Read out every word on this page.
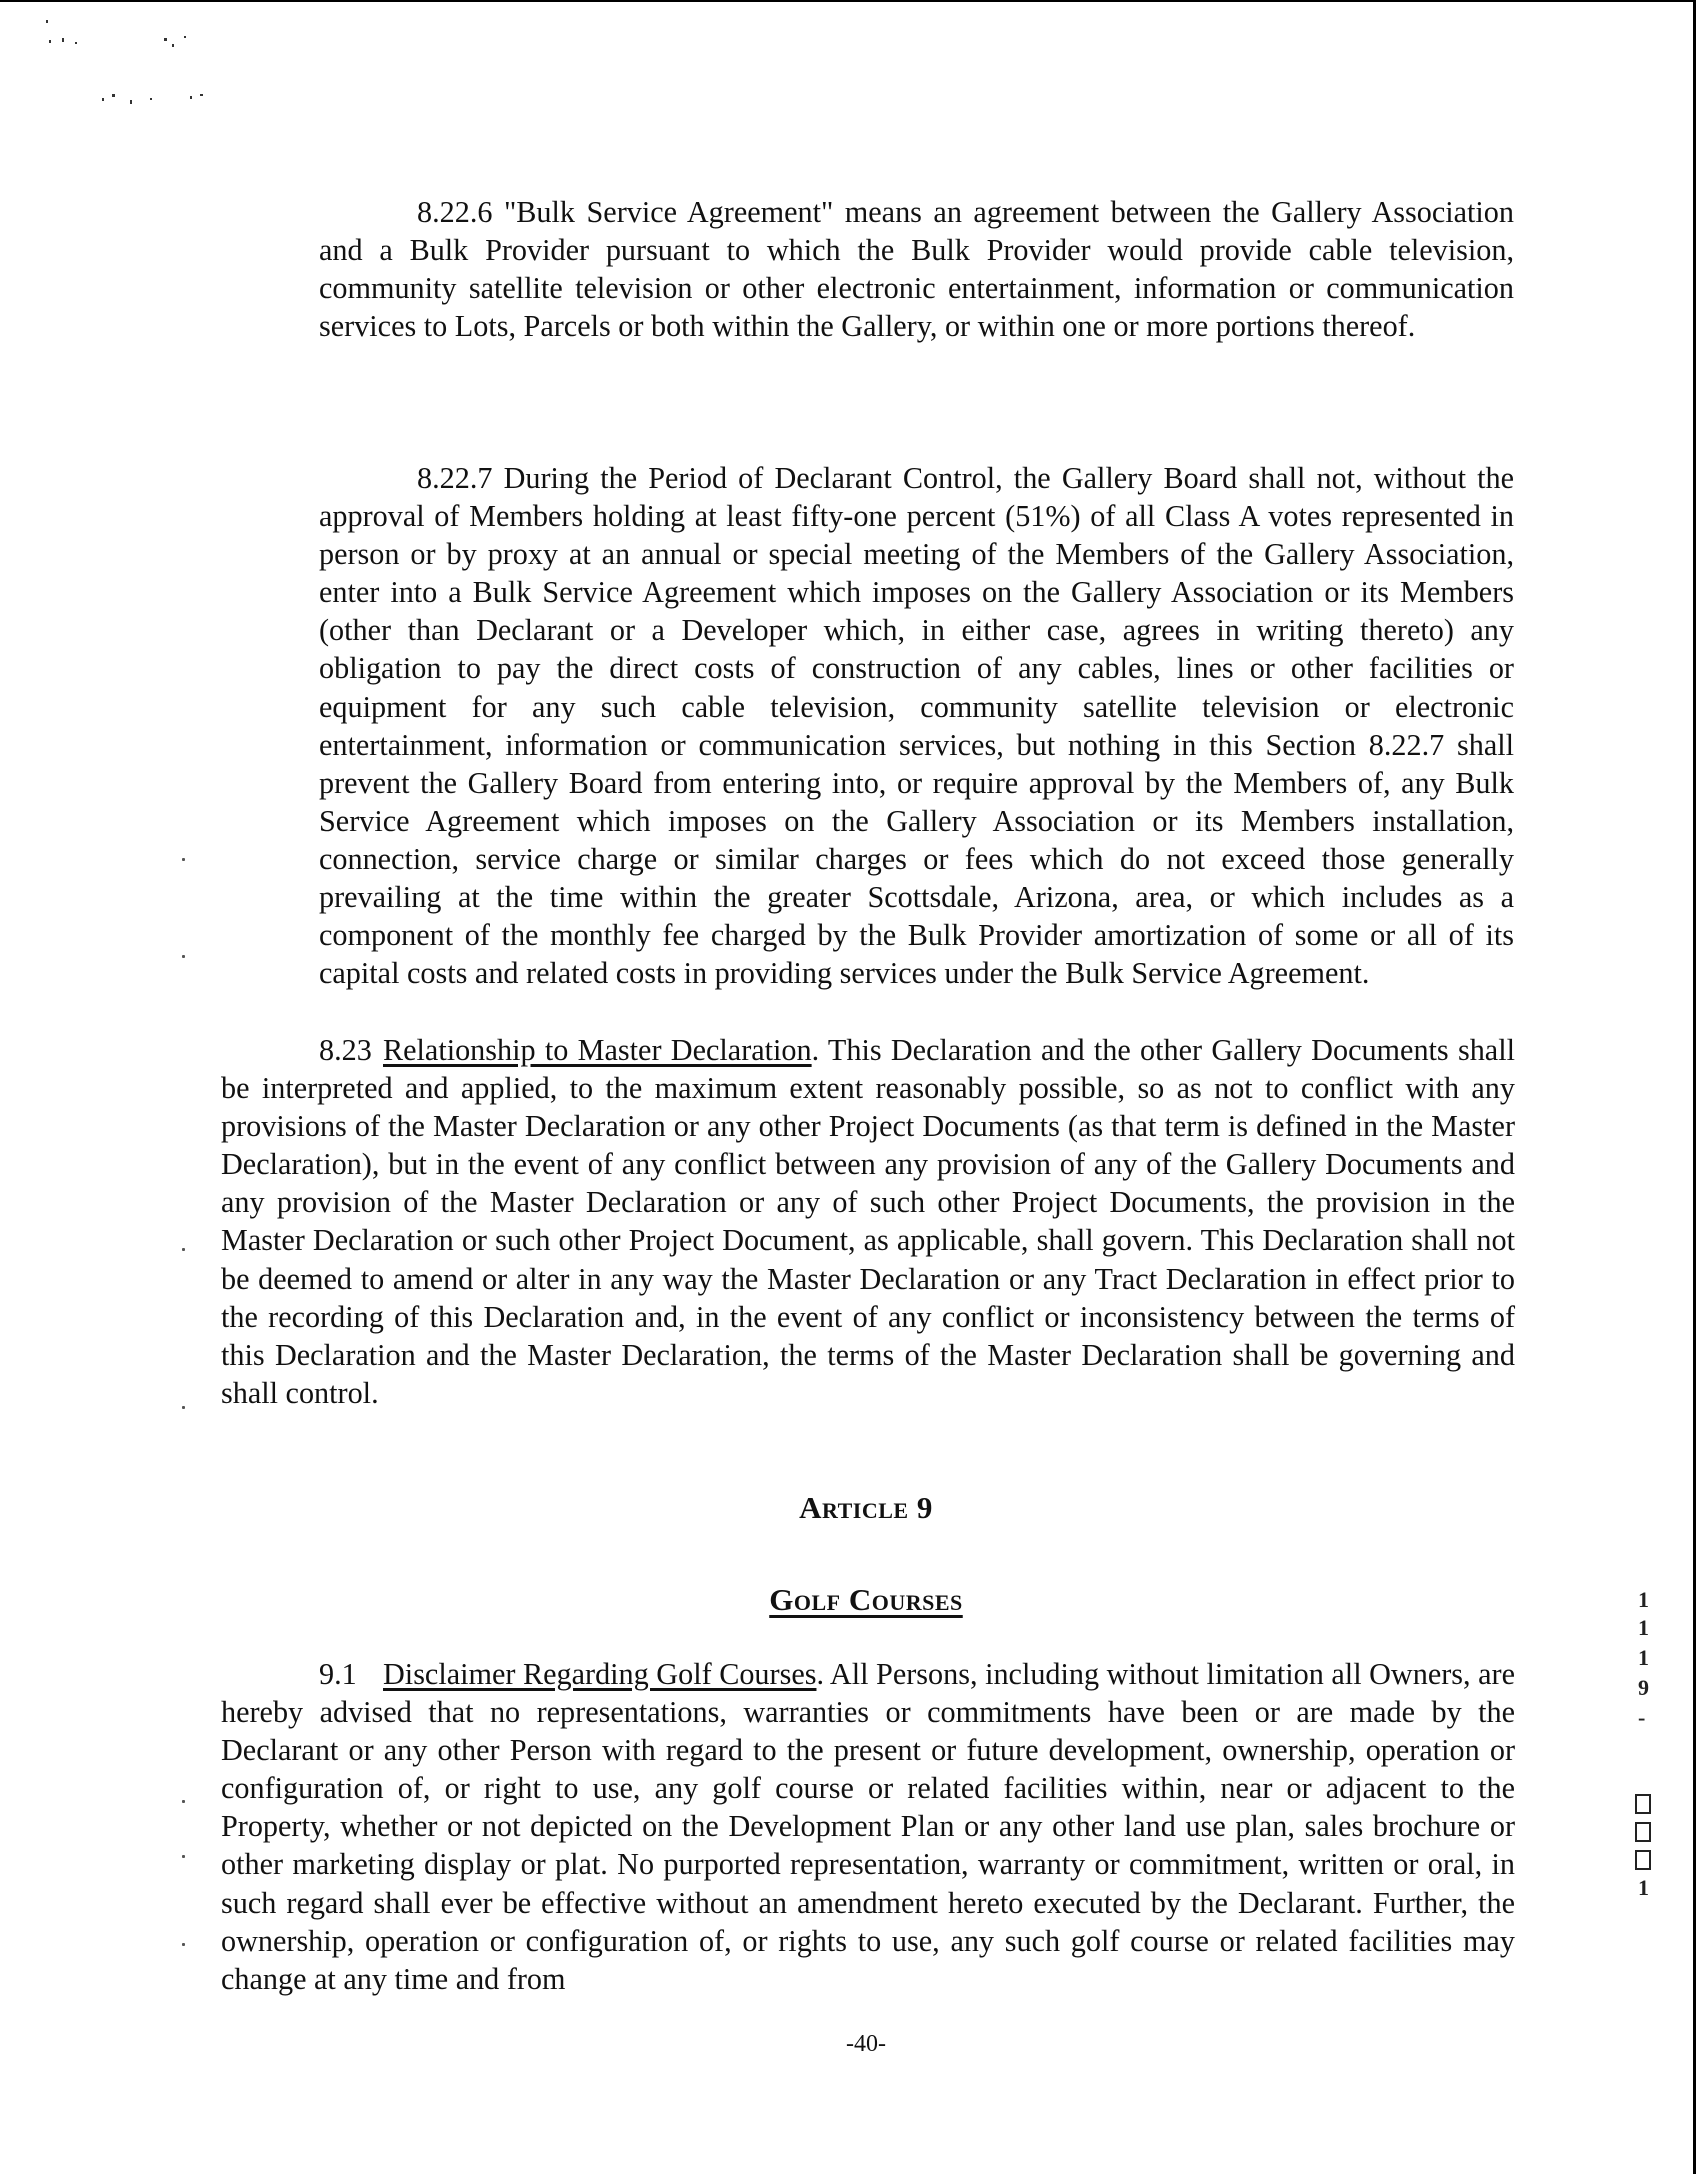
8.22.6 "Bulk Service Agreement" means an agreement between the Gallery Association and a Bulk Provider pursuant to which the Bulk Provider would provide cable television, community satellite television or other electronic entertainment, information or communication services to Lots, Parcels or both within the Gallery, or within one or more portions thereof.

8.22.7 During the Period of Declarant Control, the Gallery Board shall not, without the approval of Members holding at least fifty-one percent (51%) of all Class A votes represented in person or by proxy at an annual or special meeting of the Members of the Gallery Association, enter into a Bulk Service Agreement which imposes on the Gallery Association or its Members (other than Declarant or a Developer which, in either case, agrees in writing thereto) any obligation to pay the direct costs of construction of any cables, lines or other facilities or equipment for any such cable television, community satellite television or electronic entertainment, information or communication services, but nothing in this Section 8.22.7 shall prevent the Gallery Board from entering into, or require approval by the Members of, any Bulk Service Agreement which imposes on the Gallery Association or its Members installation, connection, service charge or similar charges or fees which do not exceed those generally prevailing at the time within the greater Scottsdale, Arizona, area, or which includes as a component of the monthly fee charged by the Bulk Provider amortization of some or all of its capital costs and related costs in providing services under the Bulk Service Agreement.

8.23 Relationship to Master Declaration. This Declaration and the other Gallery Documents shall be interpreted and applied, to the maximum extent reasonably possible, so as not to conflict with any provisions of the Master Declaration or any other Project Documents (as that term is defined in the Master Declaration), but in the event of any conflict between any provision of any of the Gallery Documents and any provision of the Master Declaration or any of such other Project Documents, the provision in the Master Declaration or such other Project Document, as applicable, shall govern. This Declaration shall not be deemed to amend or alter in any way the Master Declaration or any Tract Declaration in effect prior to the recording of this Declaration and, in the event of any conflict or inconsistency between the terms of this Declaration and the Master Declaration, the terms of the Master Declaration shall be governing and shall control.

Article 9
Golf Courses

9.1 Disclaimer Regarding Golf Courses. All Persons, including without limitation all Owners, are hereby advised that no representations, warranties or commitments have been or are made by the Declarant or any other Person with regard to the present or future development, ownership, operation or configuration of, or right to use, any golf course or related facilities within, near or adjacent to the Property, whether or not depicted on the Development Plan or any other land use plan, sales brochure or other marketing display or plat. No purported representation, warranty or commitment, written or oral, in such regard shall ever be effective without an amendment hereto executed by the Declarant. Further, the ownership, operation or configuration of, or rights to use, any such golf course or related facilities may change at any time and from

1
1
1
9
-
1
-40-
